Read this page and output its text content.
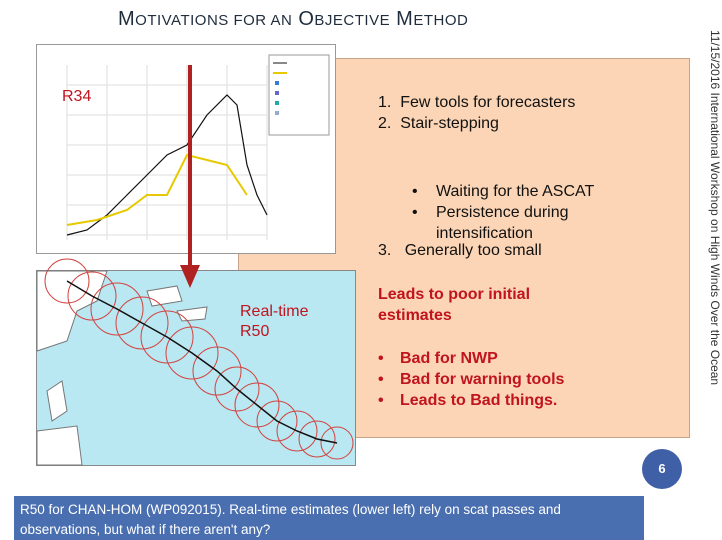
MOTIVATIONS FOR AN OBJECTIVE METHOD
11/15/2016 International Workshop on High Winds Over the Ocean
R34
Real-time
R50
1. Few tools for forecasters
2. Stair-stepping
• Waiting for the ASCAT
• Persistence during intensification
3. Generally too small
Leads to poor initial estimates
• Bad for NWP
• Bad for warning tools
• Leads to Bad things.
6
R50 for CHAN-HOM (WP092015). Real-time estimates (lower left) rely on scat passes and observations, but what if there aren't any?
